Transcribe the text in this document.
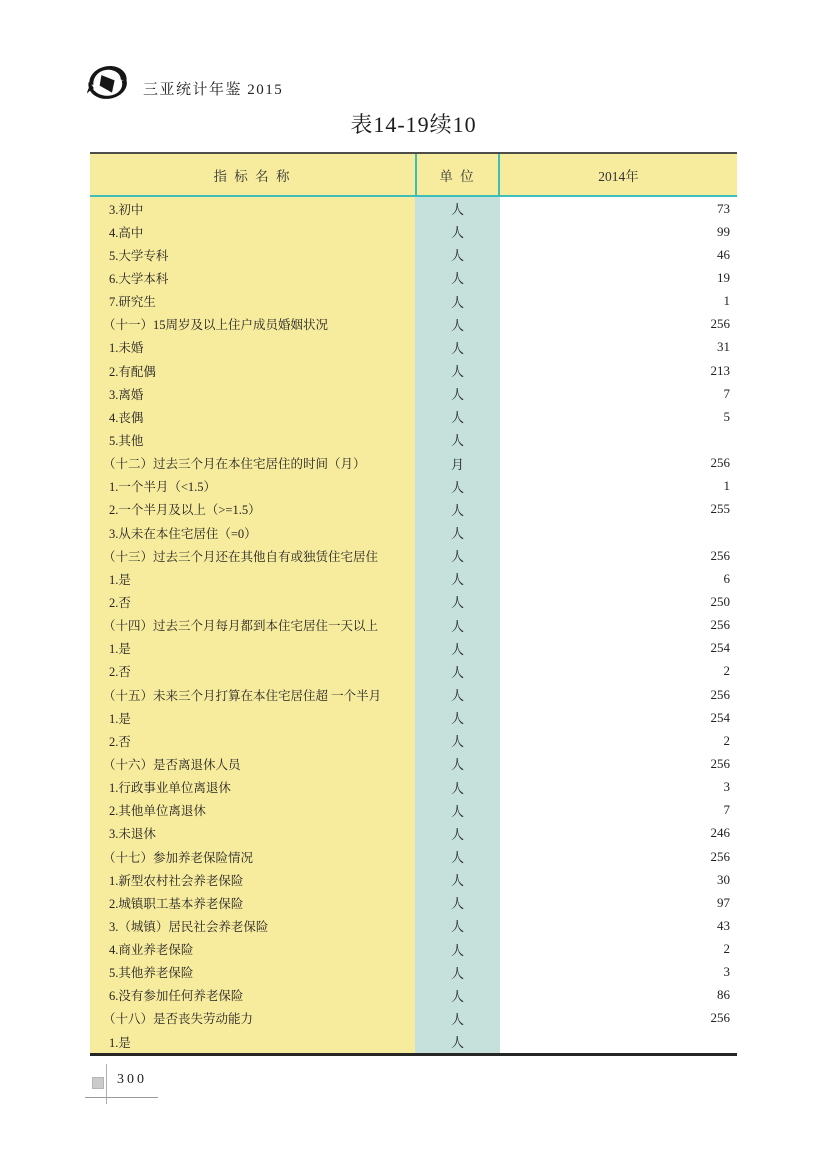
三亚统计年鉴 2015
表14-19续10
指 标 名 称	单 位	2014年
3.初中	人	73
4.高中	人	99
5.大学专科	人	46
6.大学本科	人	19
7.研究生	人	1
（十一）15周岁及以上住户成员婚姻状况	人	256
1.未婚	人	31
2.有配偶	人	213
3.离婚	人	7
4.丧偶	人	5
5.其他	人
（十二）过去三个月在本住宅居住的时间（月）	月	256
1.一个半月（<1.5）	人	1
2.一个半月及以上（>=1.5）	人	255
3.从未在本住宅居住（=0）	人
（十三）过去三个月还在其他自有或独赁住宅居住	人	256
1.是	人	6
2.否	人	250
（十四）过去三个月每月都到本住宅居住一天以上	人	256
1.是	人	254
2.否	人	2
（十五）未来三个月打算在本住宅居住超 一个半月	人	256
1.是	人	254
2.否	人	2
（十六）是否离退休人员	人	256
1.行政事业单位离退休	人	3
2.其他单位离退休	人	7
3.未退休	人	246
（十七）参加养老保险情况	人	256
1.新型农村社会养老保险	人	30
2.城镇职工基本养老保险	人	97
3.（城镇）居民社会养老保险	人	43
4.商业养老保险	人	2
5.其他养老保险	人	3
6.没有参加任何养老保险	人	86
（十八）是否丧失劳动能力	人	256
1.是	人
300
